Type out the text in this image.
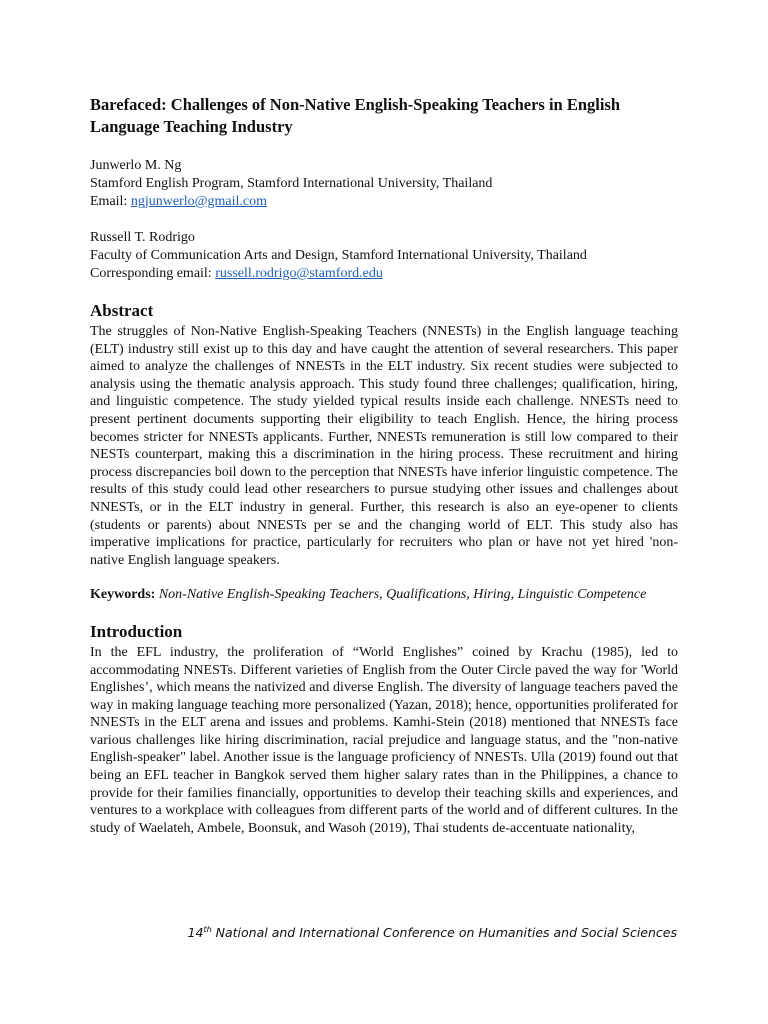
Barefaced: Challenges of Non-Native English-Speaking Teachers in English Language Teaching Industry
Junwerlo M. Ng
Stamford English Program, Stamford International University, Thailand
Email: ngjunwerlo@gmail.com
Russell T. Rodrigo
Faculty of Communication Arts and Design, Stamford International University, Thailand
Corresponding email: russell.rodrigo@stamford.edu
Abstract

The struggles of Non-Native English-Speaking Teachers (NNESTs) in the English language teaching (ELT) industry still exist up to this day and have caught the attention of several researchers. This paper aimed to analyze the challenges of NNESTs in the ELT industry. Six recent studies were subjected to analysis using the thematic analysis approach. This study found three challenges; qualification, hiring, and linguistic competence. The study yielded typical results inside each challenge. NNESTs need to present pertinent documents supporting their eligibility to teach English. Hence, the hiring process becomes stricter for NNESTs applicants. Further, NNESTs remuneration is still low compared to their NESTs counterpart, making this a discrimination in the hiring process. These recruitment and hiring process discrepancies boil down to the perception that NNESTs have inferior linguistic competence. The results of this study could lead other researchers to pursue studying other issues and challenges about NNESTs, or in the ELT industry in general. Further, this research is also an eye-opener to clients (students or parents) about NNESTs per se and the changing world of ELT. This study also has imperative implications for practice, particularly for recruiters who plan or have not yet hired 'non-native English language speakers.

Keywords: Non-Native English-Speaking Teachers, Qualifications, Hiring, Linguistic Competence
Introduction

In the EFL industry, the proliferation of “World Englishes” coined by Krachu (1985), led to accommodating NNESTs. Different varieties of English from the Outer Circle paved the way for 'World Englishes’, which means the nativized and diverse English. The diversity of language teachers paved the way in making language teaching more personalized (Yazan, 2018); hence, opportunities proliferated for NNESTs in the ELT arena and issues and problems. Kamhi-Stein (2018) mentioned that NNESTs face various challenges like hiring discrimination, racial prejudice and language status, and the "non-native English-speaker" label. Another issue is the language proficiency of NNESTs. Ulla (2019) found out that being an EFL teacher in Bangkok served them higher salary rates than in the Philippines, a chance to provide for their families financially, opportunities to develop their teaching skills and experiences, and ventures to a workplace with colleagues from different parts of the world and of different cultures. In the study of Waelateh, Ambele, Boonsuk, and Wasoh (2019), Thai students de-accentuate nationality,

14th National and International Conference on Humanities and Social Sciences
